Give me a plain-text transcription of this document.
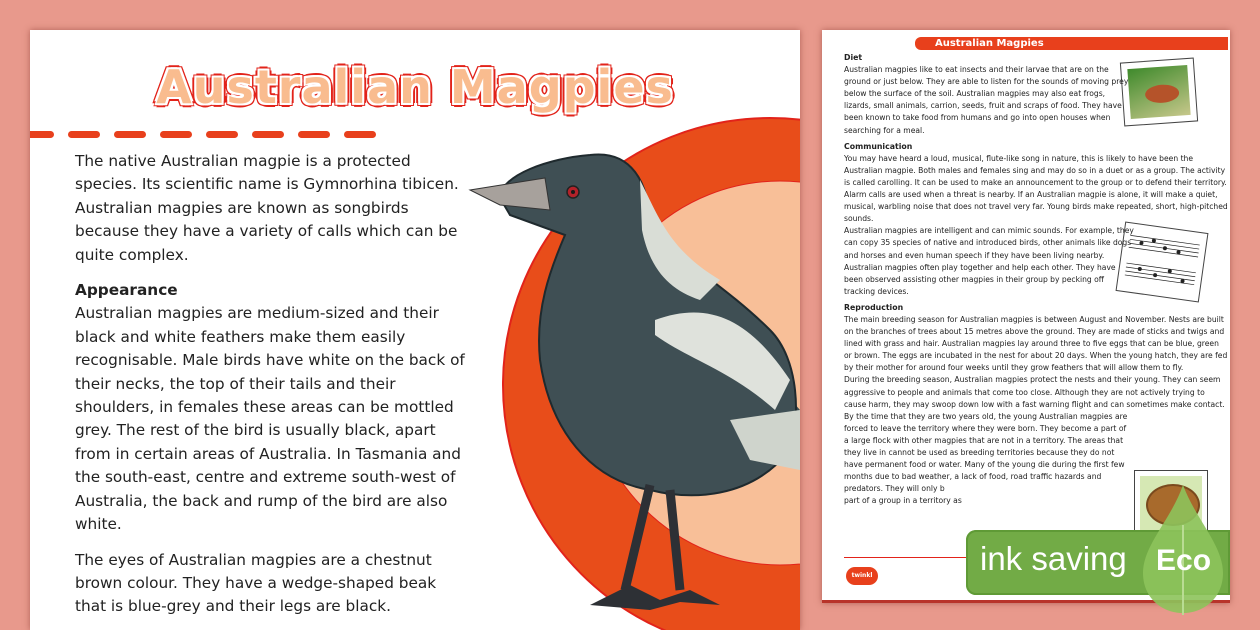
Australian Magpies

The native Australian magpie is a protected species. Its scientific name is Gymnorhina tibicen. Australian magpies are known as songbirds because they have a variety of calls which can be quite complex.

Appearance

Australian magpies are medium-sized and their black and white feathers make them easily recognisable. Male birds have white on the back of their necks, the top of their tails and their shoulders, in females these areas can be mottled grey. The rest of the bird is usually black, apart from in certain areas of Australia. In Tasmania and the south-east, centre and extreme south-west of Australia, the back and rump of the bird are also white.

The eyes of Australian magpies are a chestnut brown colour. They have a wedge-shaped beak that is blue-grey and their legs are black.

Australian Magpies
Diet

Australian magpies like to eat insects and their larvae that are on the ground or just below. They are able to listen for the sounds of moving prey below the surface of the soil. Australian magpies may also eat frogs, lizards, small animals, carrion, seeds, fruit and scraps of food. They have been known to take food from humans and go into open houses when searching for a meal.

Communication

You may have heard a loud, musical, flute-like song in nature, this is likely to have been the Australian magpie. Both males and females sing and may do so in a duet or as a group. The activity is called carolling. It can be used to make an announcement to the group or to defend their territory. Alarm calls are used when a threat is nearby. If an Australian magpie is alone, it will make a quiet, musical, warbling noise that does not travel very far. Young birds make repeated, short, high-pitched sounds.

Australian magpies are intelligent and can mimic sounds. For example, they can copy 35 species of native and introduced birds, other animals like dogs and horses and even human speech if they have been living nearby. Australian magpies often play together and help each other. They have been observed assisting other magpies in their group by pecking off tracking devices.

Reproduction

The main breeding season for Australian magpies is between August and November. Nests are built on the branches of trees about 15 metres above the ground. They are made of sticks and twigs and lined with grass and hair. Australian magpies lay around three to five eggs that can be blue, green or brown. The eggs are incubated in the nest for about 20 days. When the young hatch, they are fed by their mother for around four weeks until they grow feathers that will allow them to fly.

During the breeding season, Australian magpies protect the nests and their young. They can seem aggressive to people and animals that come too close. Although they are not actively trying to cause harm, they may swoop down low with a fast warning flight and can sometimes make contact.

By the time that they are two years old, the young Australian magpies are forced to leave the territory where they were born. They become a part of a large flock with other magpies that are not in a territory. The areas that they live in cannot be used as breeding territories because they do not have permanent food or water. Many of the young die during the first few months due to bad weather, a lack of food, road traffic hazards and predators. They will only b

part of a group in a territory as

twinkl	ink saving Eco
